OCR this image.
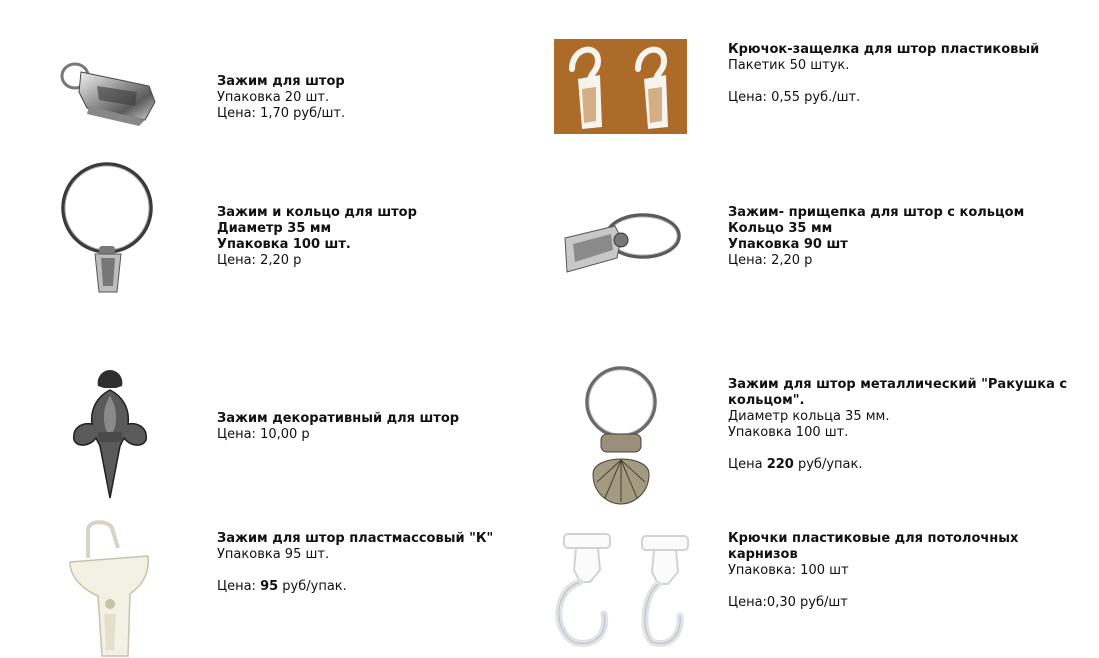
Зажим для штор
Упаковка 20 шт.
Цена: 1,70 руб/шт.
Крючок-защелка для штор пластиковый
Пакетик 50 штук.
Цена: 0,55 руб./шт.
Зажим и кольцо для штор
Диаметр 35 мм
Упаковка 100 шт.
Цена: 2,20 р
Зажим- прищепка для штор с кольцом
Кольцо 35 мм
Упаковка 90 шт
Цена: 2,20 р
Зажим декоративный для штор
Цена: 10,00 р
Зажим для штор металлический "Ракушка с
кольцом".
Диаметр кольца 35 мм.
Упаковка 100 шт.
Цена 220 руб/упак.
Зажим для штор пластмассовый "К"
Упаковка 95 шт.
Цена: 95 руб/упак.
Крючки пластиковые для потолочных
карнизов
Упаковка: 100 шт
Цена:0,30 руб/шт
